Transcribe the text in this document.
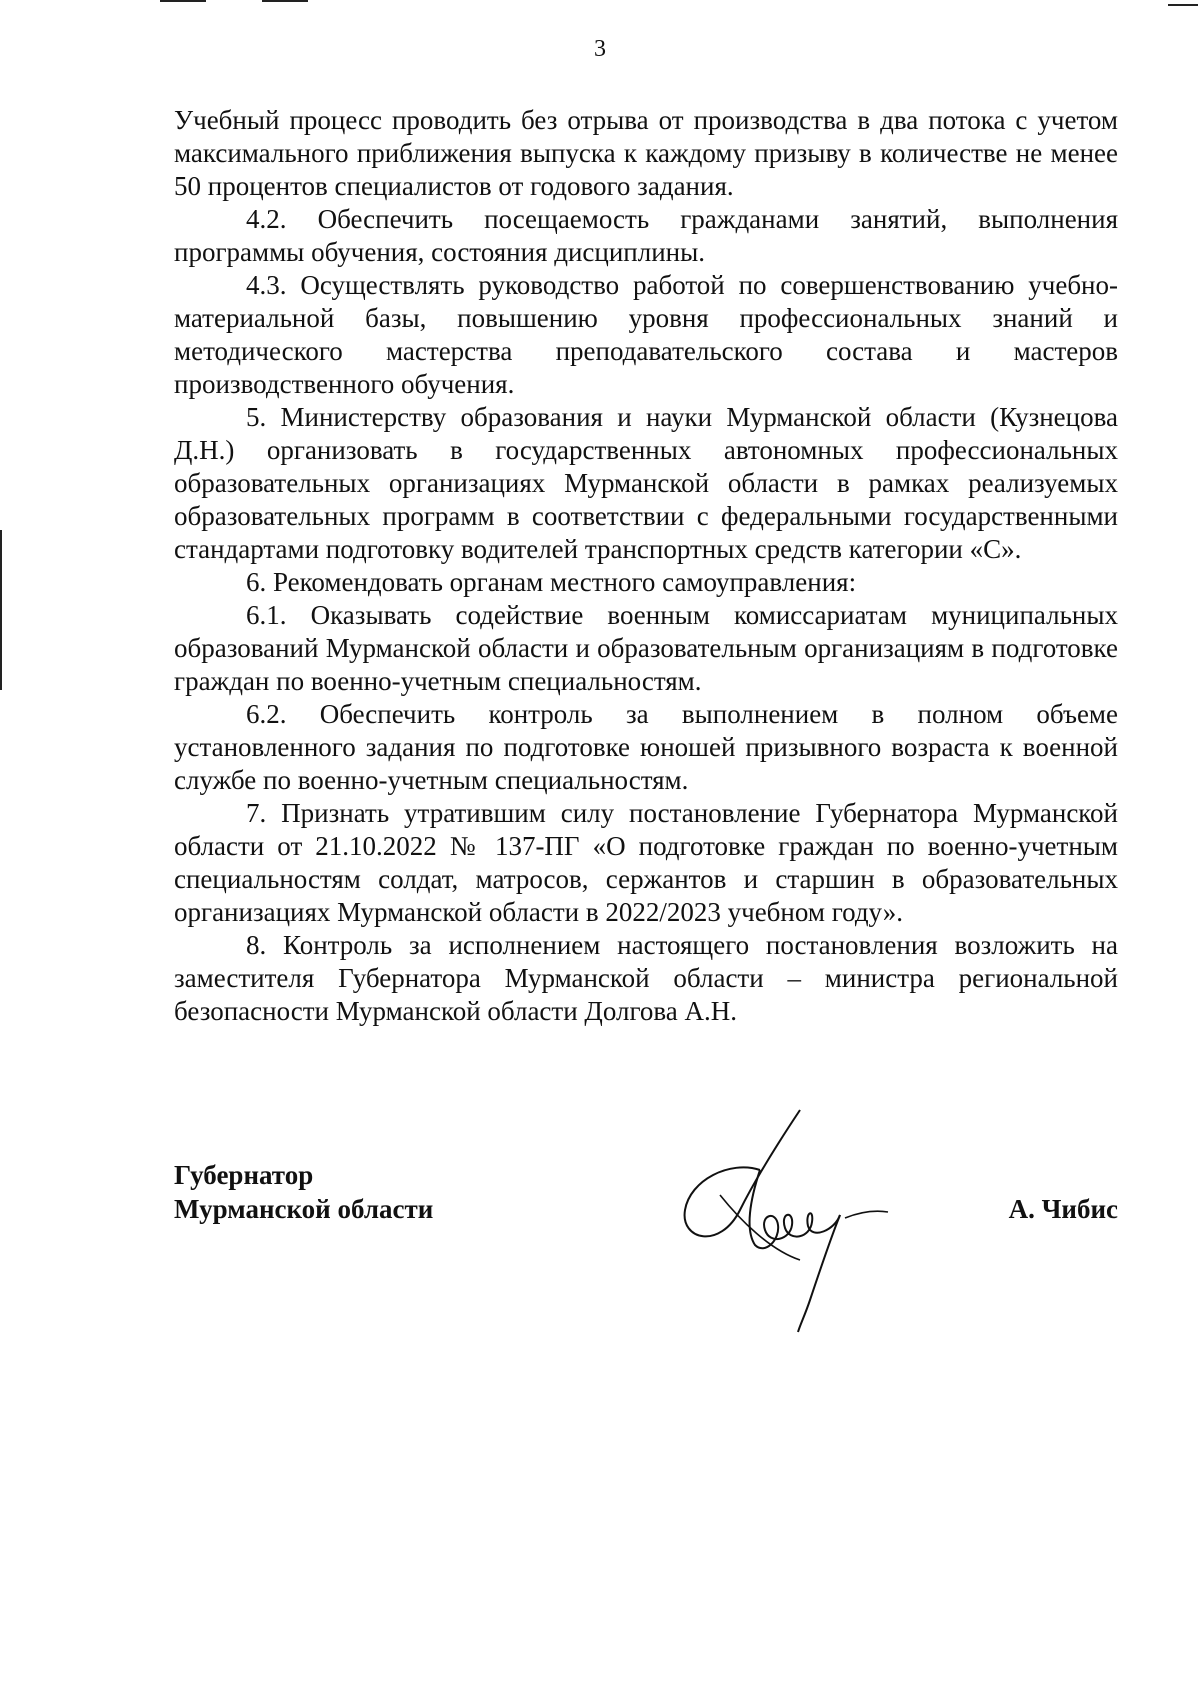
3

Учебный процесс проводить без отрыва от производства в два потока с учетом максимального приближения выпуска к каждому призыву в количестве не менее 50 процентов специалистов от годового задания.

4.2. Обеспечить посещаемость гражданами занятий, выполнения программы обучения, состояния дисциплины.

4.3. Осуществлять руководство работой по совершенствованию учебно-материальной базы, повышению уровня профессиональных знаний и методического мастерства преподавательского состава и мастеров производственного обучения.

5. Министерству образования и науки Мурманской области (Кузнецова Д.Н.) организовать в государственных автономных профессиональных образовательных организациях Мурманской области в рамках реализуемых образовательных программ в соответствии с федеральными государственными стандартами подготовку водителей транспортных средств категории «С».

6. Рекомендовать органам местного самоуправления:

6.1. Оказывать содействие военным комиссариатам муниципальных образований Мурманской области и образовательным организациям в подготовке граждан по военно-учетным специальностям.

6.2. Обеспечить контроль за выполнением в полном объеме установленного задания по подготовке юношей призывного возраста к военной службе по военно-учетным специальностям.

7. Признать утратившим силу постановление Губернатора Мурманской области от 21.10.2022 № 137-ПГ «О подготовке граждан по военно-учетным специальностям солдат, матросов, сержантов и старшин в образовательных организациях Мурманской области в 2022/2023 учебном году».

8. Контроль за исполнением настоящего постановления возложить на заместителя Губернатора Мурманской области – министра региональной безопасности Мурманской области Долгова А.Н.

Губернатор
Мурманской области	А. Чибис
